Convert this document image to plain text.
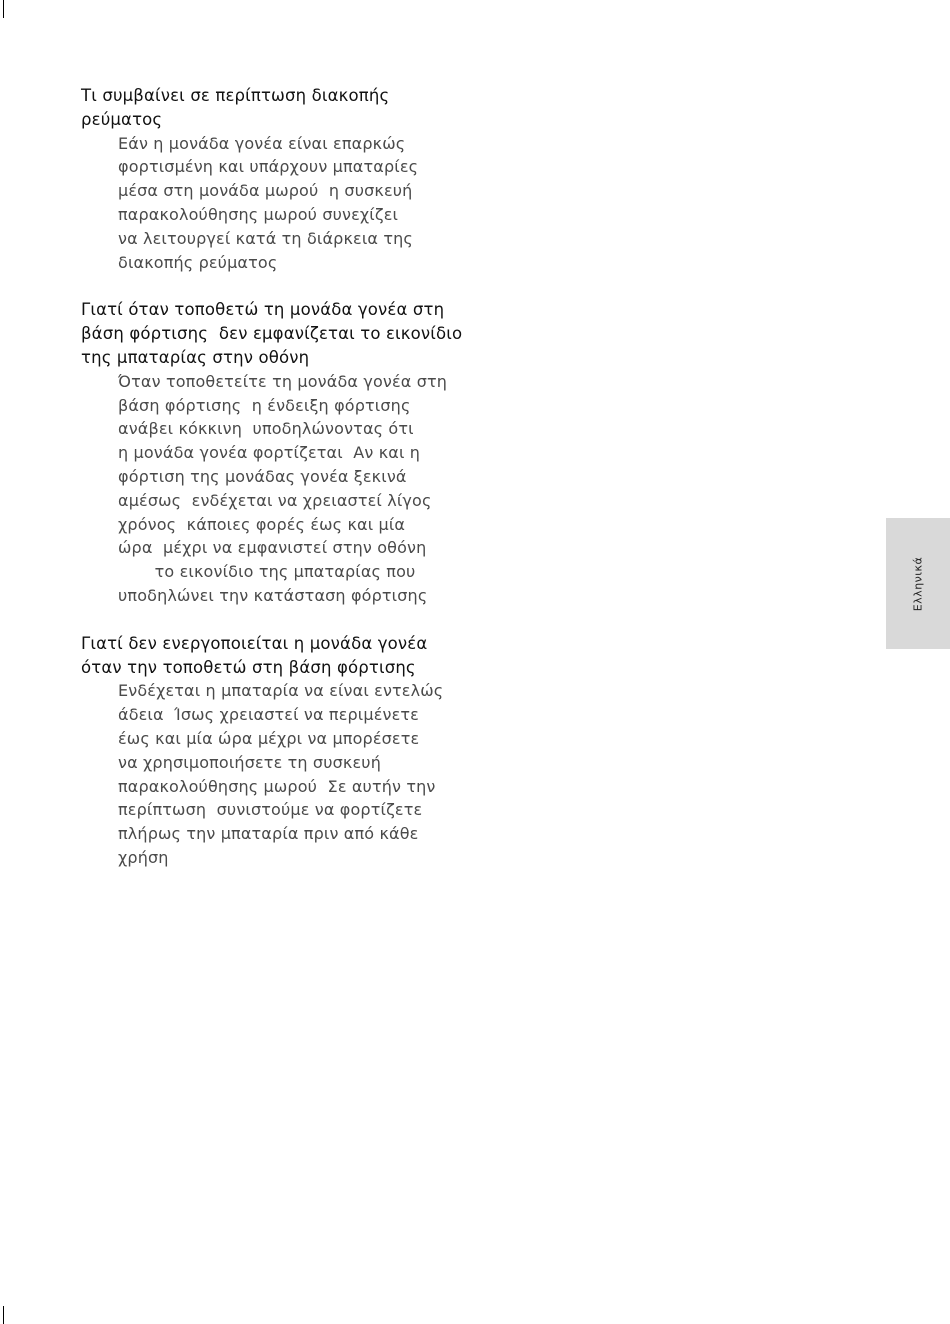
Τι συμβαίνει σε περίπτωση διακοπής
ρεύματος

Εάν η μονάδα γονέα είναι επαρκώς
φορτισμένη και υπάρχουν μπαταρίες
μέσα στη μονάδα μωρού  η συσκευή
παρακολούθησης μωρού συνεχίζει
να λειτουργεί κατά τη διάρκεια της
διακοπής ρεύματος

Γιατί όταν τοποθετώ τη μονάδα γονέα στη
βάση φόρτισης  δεν εμφανίζεται το εικονίδιο
της μπαταρίας στην οθόνη

Όταν τοποθετείτε τη μονάδα γονέα στη
βάση φόρτισης  η ένδειξη φόρτισης
ανάβει κόκκινη  υποδηλώνοντας ότι
η μονάδα γονέα φορτίζεται  Αν και η
φόρτιση της μονάδας γονέα ξεκινά
αμέσως  ενδέχεται να χρειαστεί λίγος
χρόνος  κάποιες φορές έως και μία
ώρα  μέχρι να εμφανιστεί στην οθόνη
το εικονίδιο της μπαταρίας που
υποδηλώνει την κατάσταση φόρτισης

Γιατί δεν ενεργοποιείται η μονάδα γονέα
όταν την τοποθετώ στη βάση φόρτισης

Ενδέχεται η μπαταρία να είναι εντελώς
άδεια  Ίσως χρειαστεί να περιμένετε
έως και μία ώρα μέχρι να μπορέσετε
να χρησιμοποιήσετε τη συσκευή
παρακολούθησης μωρού  Σε αυτήν την
περίπτωση  συνιστούμε να φορτίζετε
πλήρως την μπαταρία πριν από κάθε
χρήση
Ελληνικά
